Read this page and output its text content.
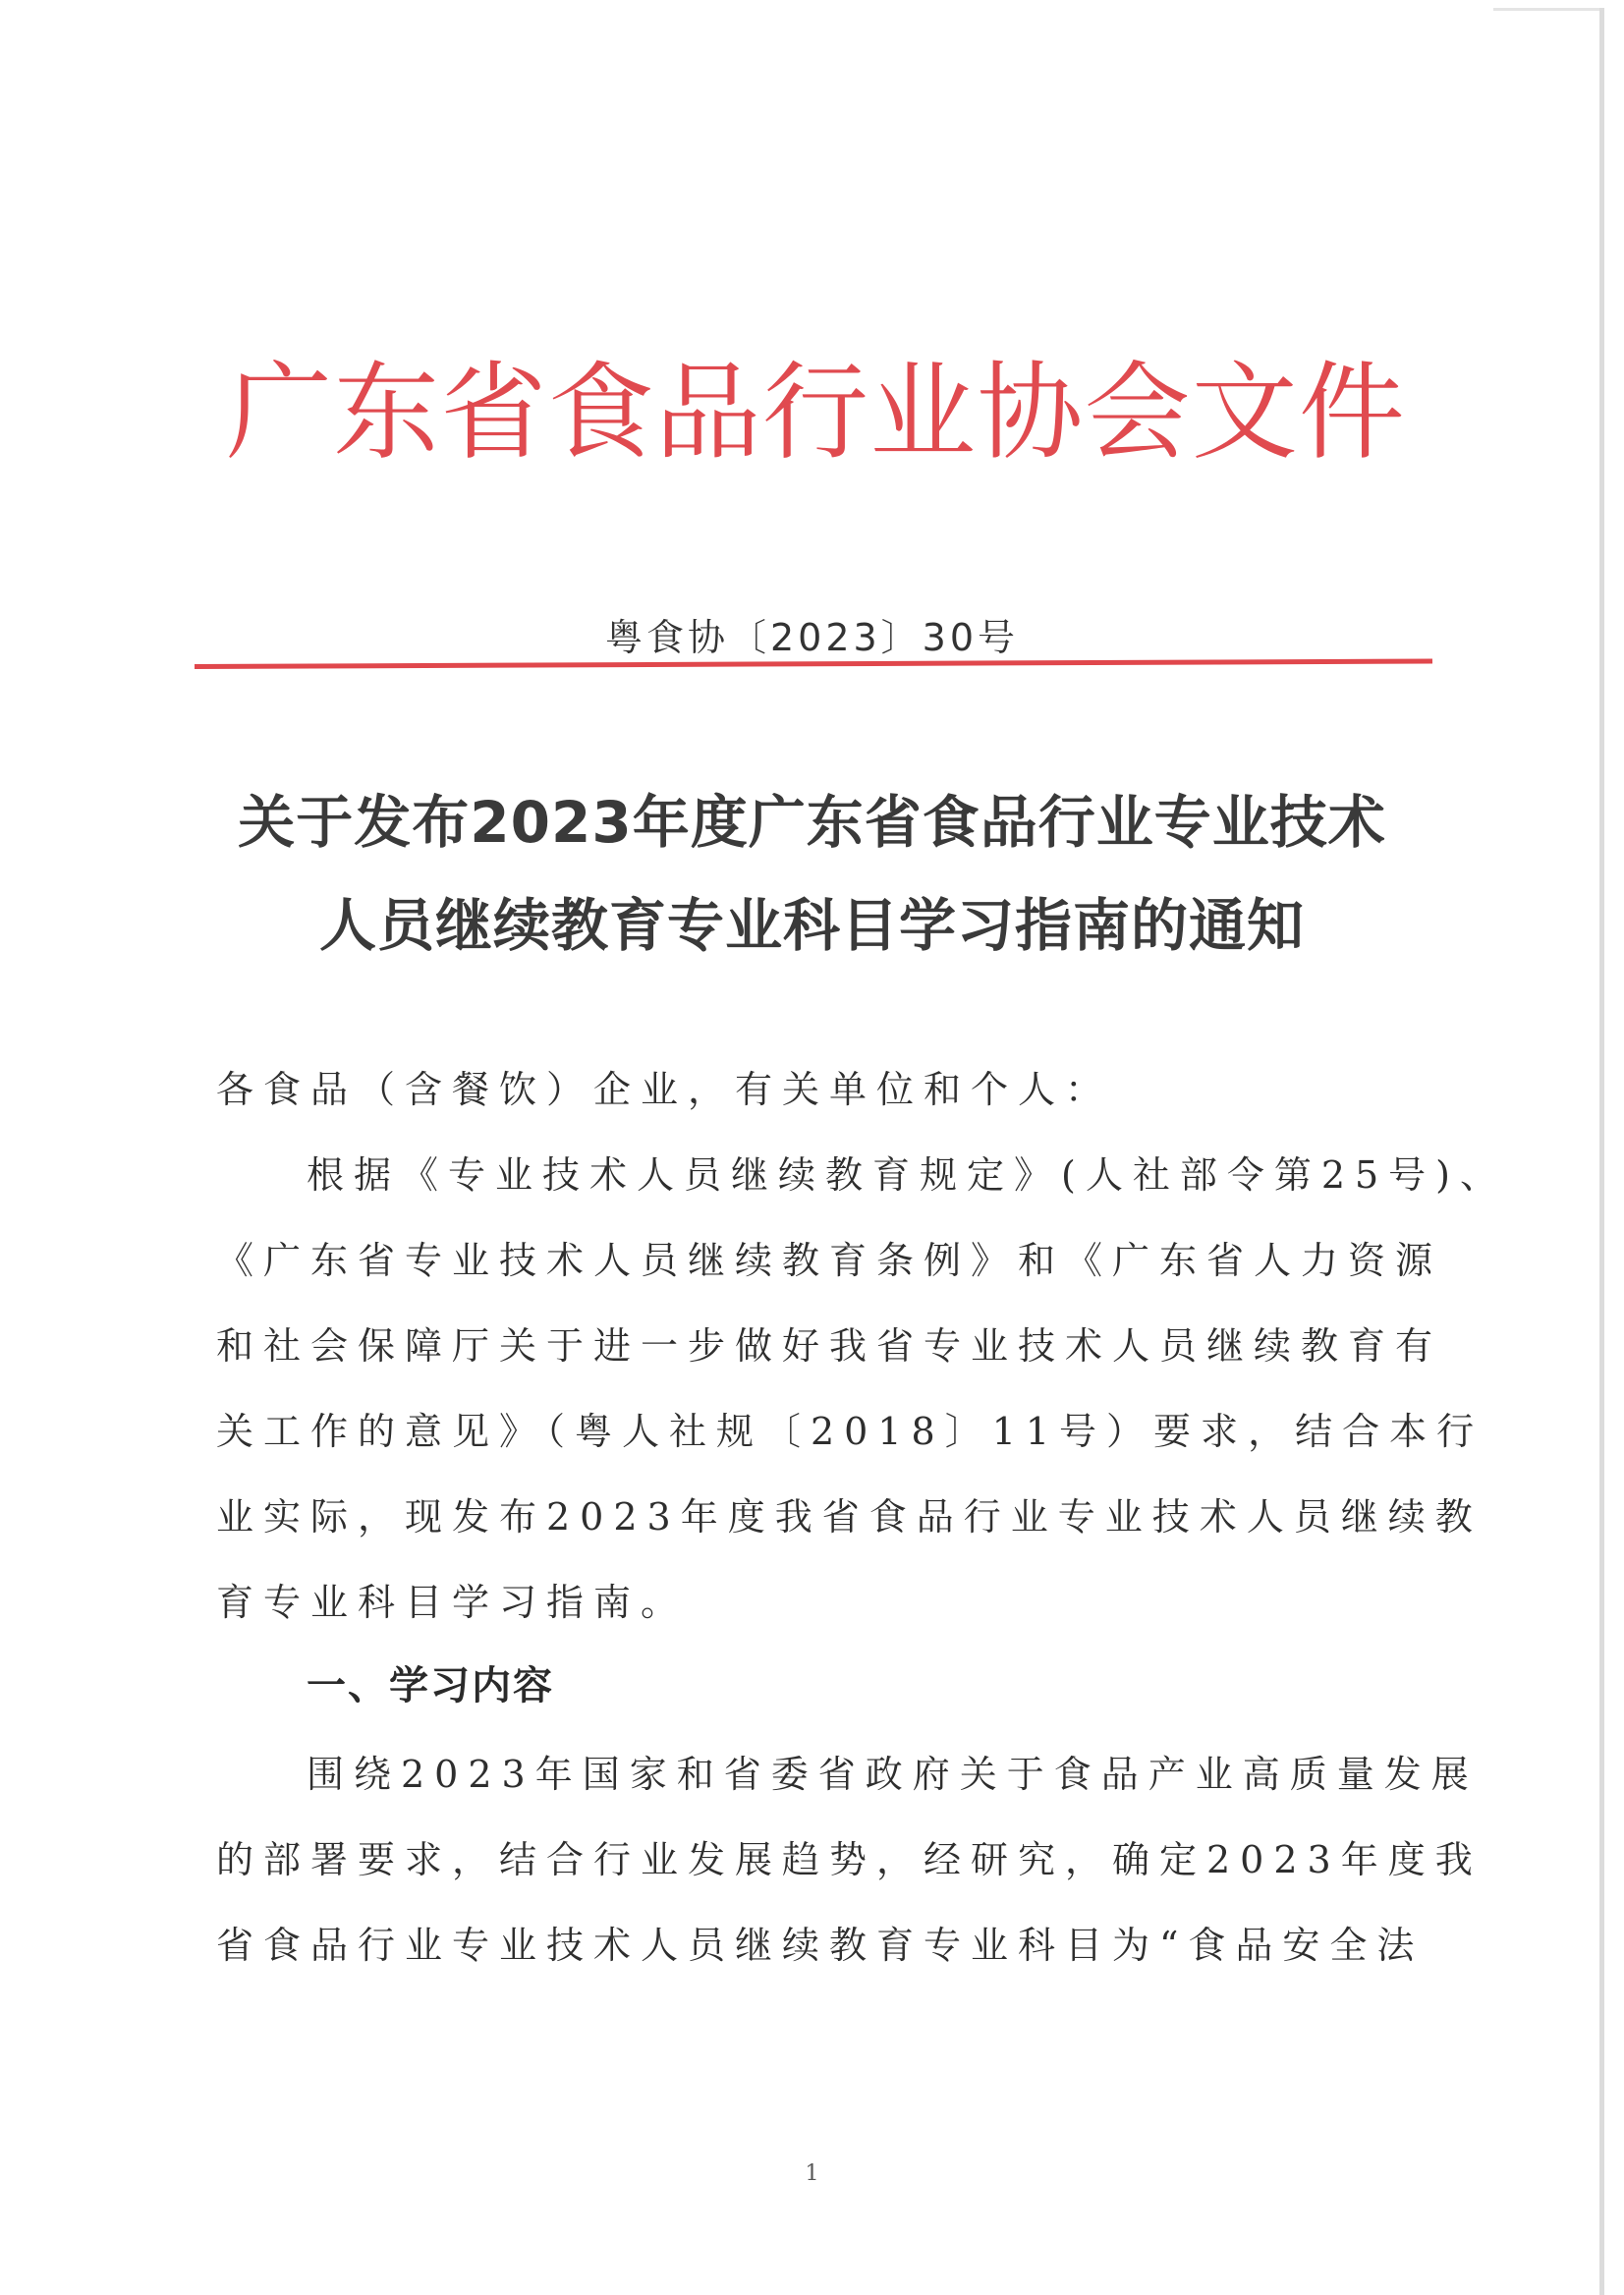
广 东 省 食 品 行 业 协 会 文 件
粤食协〔2023〕30号
关于发布2023年度广东省食品行业专业技术
人员继续教育专业科目学习指南的通知
各食品（含餐饮）企业，有关单位和个人：
根据《专业技术人员继续教育规定》(人社部令第25号)、
《广东省专业技术人员继续教育条例》和《广东省人力资源
和社会保障厅关于进一步做好我省专业技术人员继续教育有
关工作的意见》（粤人社规〔2018〕11号）要求，结合本行
业实际，现发布2023年度我省食品行业专业技术人员继续教
育专业科目学习指南。
一、学习内容
围绕2023年国家和省委省政府关于食品产业高质量发展
的部署要求，结合行业发展趋势，经研究，确定2023年度我
省食品行业专业技术人员继续教育专业科目为“食品安全法
1
